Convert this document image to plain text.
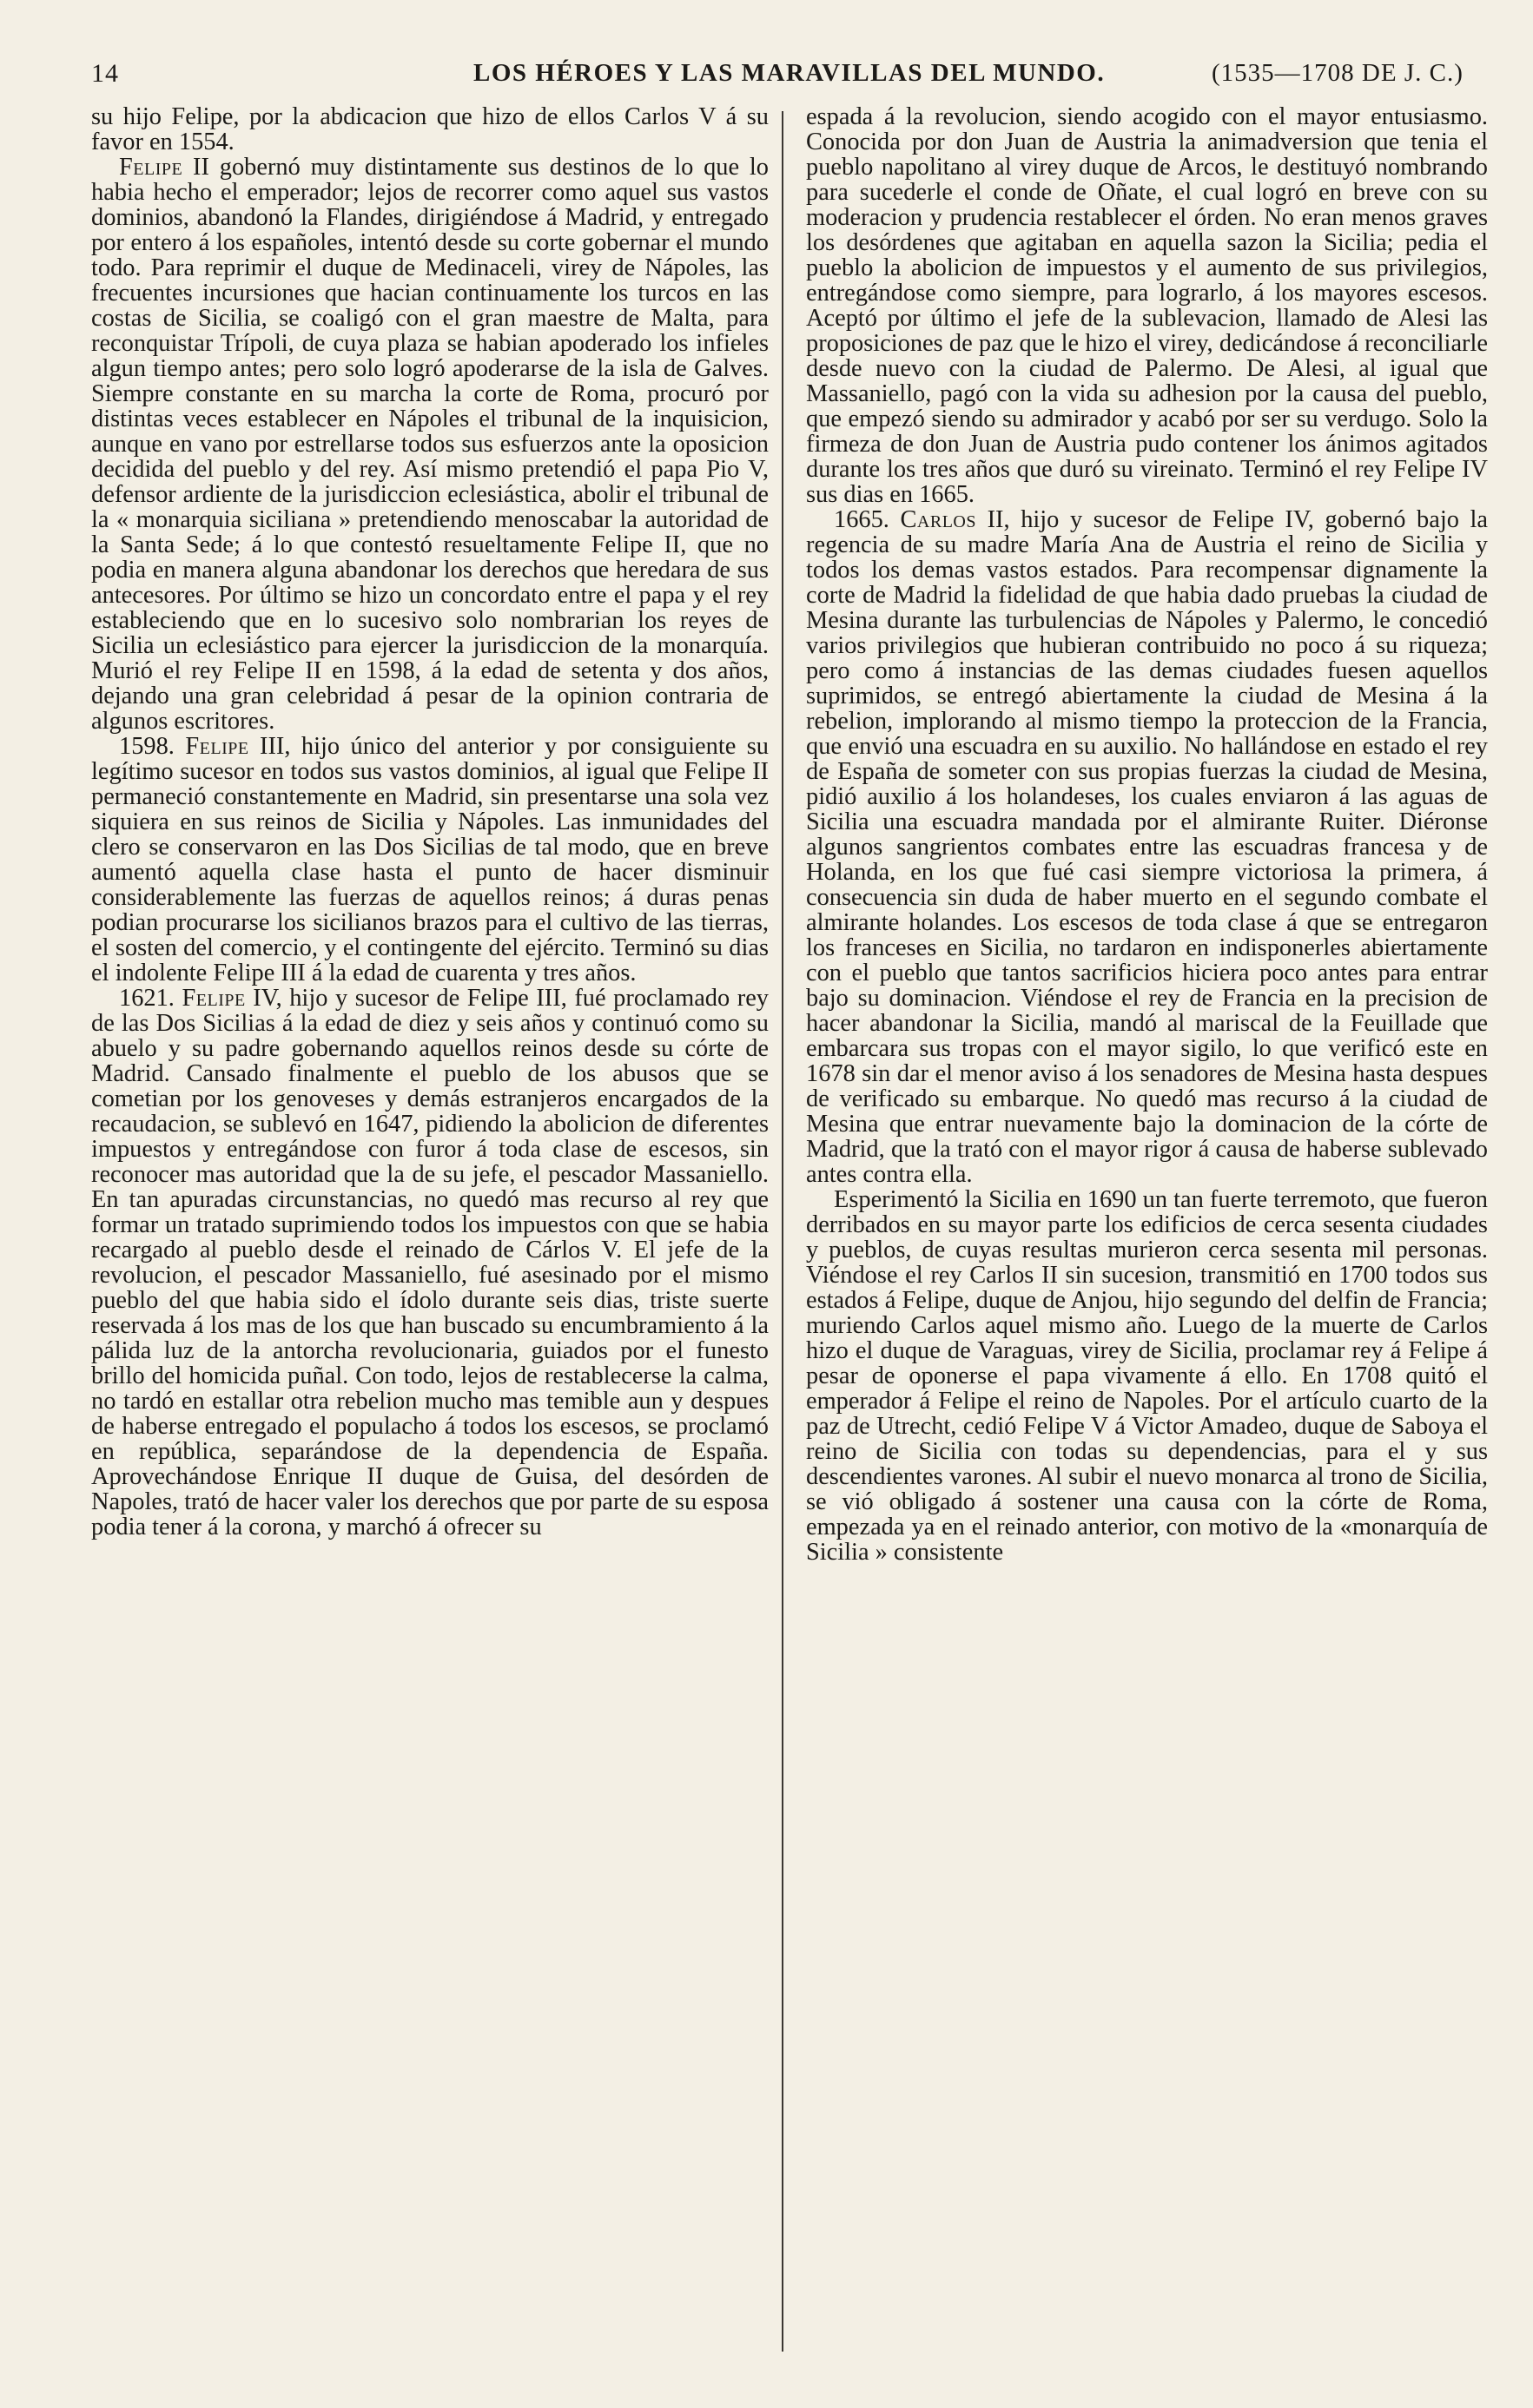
14	LOS HÉROES Y LAS MARAVILLAS DEL MUNDO.	(1535—1708 DE J. C.)

su hijo Felipe, por la abdicacion que hizo de ellos Carlos V á su favor en 1554.

Felipe II gobernó muy distintamente sus destinos de lo que lo habia hecho el emperador; lejos de recorrer como aquel sus vastos dominios, abandonó la Flandes, dirigiéndose á Madrid, y entregado por entero á los españoles, intentó desde su corte gobernar el mundo todo. Para reprimir el duque de Medinaceli, virey de Nápoles, las frecuentes incursiones que hacian continuamente los turcos en las costas de Sicilia, se coaligó con el gran maestre de Malta, para reconquistar Trípoli, de cuya plaza se habian apoderado los infieles algun tiempo antes; pero solo logró apoderarse de la isla de Galves. Siempre constante en su marcha la corte de Roma, procuró por distintas veces establecer en Nápoles el tribunal de la inquisicion, aunque en vano por estrellarse todos sus esfuerzos ante la oposicion decidida del pueblo y del rey. Así mismo pretendió el papa Pio V, defensor ardiente de la jurisdiccion eclesiástica, abolir el tribunal de la « monarquia siciliana » pretendiendo menoscabar la autoridad de la Santa Sede; á lo que contestó resueltamente Felipe II, que no podia en manera alguna abandonar los derechos que heredara de sus antecesores. Por último se hizo un concordato entre el papa y el rey estableciendo que en lo sucesivo solo nombrarian los reyes de Sicilia un eclesiástico para ejercer la jurisdiccion de la monarquía. Murió el rey Felipe II en 1598, á la edad de setenta y dos años, dejando una gran celebridad á pesar de la opinion contraria de algunos escritores.

1598. Felipe III, hijo único del anterior y por consiguiente su legítimo sucesor en todos sus vastos dominios, al igual que Felipe II permaneció constantemente en Madrid, sin presentarse una sola vez siquiera en sus reinos de Sicilia y Nápoles. Las inmunidades del clero se conservaron en las Dos Sicilias de tal modo, que en breve aumentó aquella clase hasta el punto de hacer disminuir considerablemente las fuerzas de aquellos reinos; á duras penas podian procurarse los sicilianos brazos para el cultivo de las tierras, el sosten del comercio, y el contingente del ejército. Terminó su dias el indolente Felipe III á la edad de cuarenta y tres años.

1621. Felipe IV, hijo y sucesor de Felipe III, fué proclamado rey de las Dos Sicilias á la edad de diez y seis años y continuó como su abuelo y su padre gobernando aquellos reinos desde su córte de Madrid. Cansado finalmente el pueblo de los abusos que se cometian por los genoveses y demás estranjeros encargados de la recaudacion, se sublevó en 1647, pidiendo la abolicion de diferentes impuestos y entregándose con furor á toda clase de escesos, sin reconocer mas autoridad que la de su jefe, el pescador Massaniello. En tan apuradas circunstancias, no quedó mas recurso al rey que formar un tratado suprimiendo todos los impuestos con que se habia recargado al pueblo desde el reinado de Cárlos V. El jefe de la revolucion, el pescador Massaniello, fué asesinado por el mismo pueblo del que habia sido el ídolo durante seis dias, triste suerte reservada á los mas de los que han buscado su encumbramiento á la pálida luz de la antorcha revolucionaria, guiados por el funesto brillo del homicida puñal. Con todo, lejos de restablecerse la calma, no tardó en estallar otra rebelion mucho mas temible aun y despues de haberse entregado el populacho á todos los escesos, se proclamó en república, separándose de la dependencia de España. Aprovechándose Enrique II duque de Guisa, del desórden de Napoles, trató de hacer valer los derechos que por parte de su esposa podia tener á la corona, y marchó á ofrecer su

espada á la revolucion, siendo acogido con el mayor entusiasmo. Conocida por don Juan de Austria la animadversion que tenia el pueblo napolitano al virey duque de Arcos, le destituyó nombrando para sucederle el conde de Oñate, el cual logró en breve con su moderacion y prudencia restablecer el órden. No eran menos graves los desórdenes que agitaban en aquella sazon la Sicilia; pedia el pueblo la abolicion de impuestos y el aumento de sus privilegios, entregándose como siempre, para lograrlo, á los mayores escesos. Aceptó por último el jefe de la sublevacion, llamado de Alesi las proposiciones de paz que le hizo el virey, dedicándose á reconciliarle desde nuevo con la ciudad de Palermo. De Alesi, al igual que Massaniello, pagó con la vida su adhesion por la causa del pueblo, que empezó siendo su admirador y acabó por ser su verdugo. Solo la firmeza de don Juan de Austria pudo contener los ánimos agitados durante los tres años que duró su vireinato. Terminó el rey Felipe IV sus dias en 1665.

1665. Carlos II, hijo y sucesor de Felipe IV, gobernó bajo la regencia de su madre María Ana de Austria el reino de Sicilia y todos los demas vastos estados. Para recompensar dignamente la corte de Madrid la fidelidad de que habia dado pruebas la ciudad de Mesina durante las turbulencias de Nápoles y Palermo, le concedió varios privilegios que hubieran contribuido no poco á su riqueza; pero como á instancias de las demas ciudades fuesen aquellos suprimidos, se entregó abiertamente la ciudad de Mesina á la rebelion, implorando al mismo tiempo la proteccion de la Francia, que envió una escuadra en su auxilio. No hallándose en estado el rey de España de someter con sus propias fuerzas la ciudad de Mesina, pidió auxilio á los holandeses, los cuales enviaron á las aguas de Sicilia una escuadra mandada por el almirante Ruiter. Diéronse algunos sangrientos combates entre las escuadras francesa y de Holanda, en los que fué casi siempre victoriosa la primera, á consecuencia sin duda de haber muerto en el segundo combate el almirante holandes. Los escesos de toda clase á que se entregaron los franceses en Sicilia, no tardaron en indisponerles abiertamente con el pueblo que tantos sacrificios hiciera poco antes para entrar bajo su dominacion. Viéndose el rey de Francia en la precision de hacer abandonar la Sicilia, mandó al mariscal de la Feuillade que embarcara sus tropas con el mayor sigilo, lo que verificó este en 1678 sin dar el menor aviso á los senadores de Mesina hasta despues de verificado su embarque. No quedó mas recurso á la ciudad de Mesina que entrar nuevamente bajo la dominacion de la córte de Madrid, que la trató con el mayor rigor á causa de haberse sublevado antes contra ella.

Esperimentó la Sicilia en 1690 un tan fuerte terremoto, que fueron derribados en su mayor parte los edificios de cerca sesenta ciudades y pueblos, de cuyas resultas murieron cerca sesenta mil personas. Viéndose el rey Carlos II sin sucesion, transmitió en 1700 todos sus estados á Felipe, duque de Anjou, hijo segundo del delfin de Francia; muriendo Carlos aquel mismo año. Luego de la muerte de Carlos hizo el duque de Varaguas, virey de Sicilia, proclamar rey á Felipe á pesar de oponerse el papa vivamente á ello. En 1708 quitó el emperador á Felipe el reino de Napoles. Por el artículo cuarto de la paz de Utrecht, cedió Felipe V á Victor Amadeo, duque de Saboya el reino de Sicilia con todas su dependencias, para el y sus descendientes varones. Al subir el nuevo monarca al trono de Sicilia, se vió obligado á sostener una causa con la córte de Roma, empezada ya en el reinado anterior, con motivo de la «monarquía de Sicilia » consistente
